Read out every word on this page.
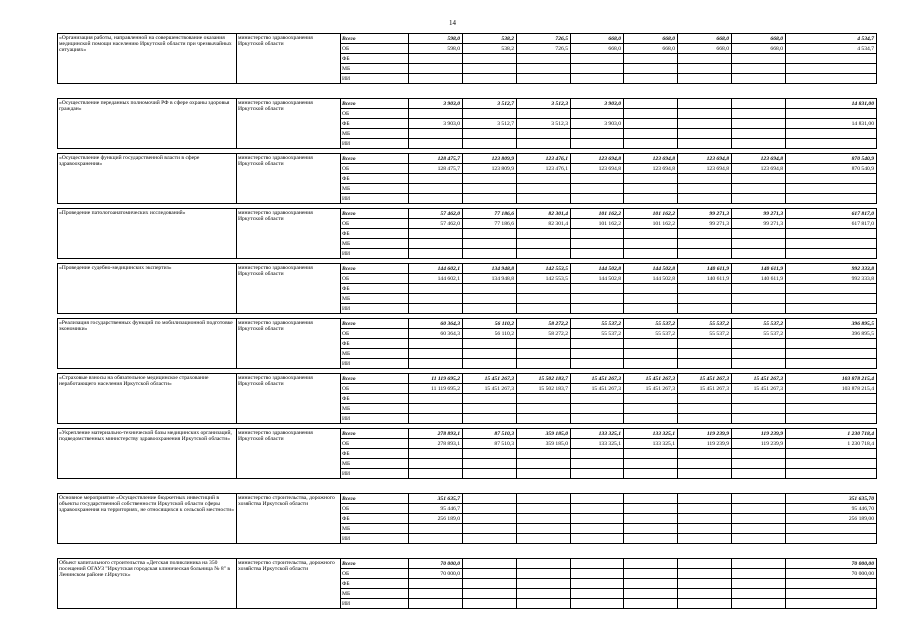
14
«Организация работы, направленной на совершенствование оказания медицинской помощи населению Иркутской области при чрезвычайных ситуациях»	министерство здравоохранения Иркутской области	Всего	598,0	538,2	726,5	668,0	668,0	668,0	668,0	4 534,7
		ОБ	598,0	538,2	726,5	668,0	668,0	668,0	668,0	4 534,7
		ФБ								
		МБ								
		ИИ								

«Осуществление переданных полномочий РФ в сфере охраны здоровья граждан»	министерство здравоохранения Иркутской области	Всего	3 903,0	3 512,7	3 512,3	3 903,0				14 831,00
		ОБ								
		ФБ	3 903,0	3 512,7	3 512,3	3 903,0				14 831,00
		МБ								
		ИИ								

«Осуществление функций государственной власти в сфере здравоохранения»	министерство здравоохранения Иркутской области	Всего	128 475,7	123 809,9	123 476,1	123 694,8	123 694,8	123 694,8	123 694,8	870 540,9
		ОБ	128 475,7	123 809,9	123 476,1	123 694,8	123 694,8	123 694,8	123 694,8	870 540,9
		ФБ								
		МБ								
		ИИ								

«Проведение патологоанатомических исследований»	министерство здравоохранения Иркутской области	Всего	57 462,0	77 186,6	82 301,4	101 162,2	101 162,2	99 271,3	99 271,3	617 817,0
		ОБ	57 462,0	77 186,6	82 301,4	101 162,2	101 162,2	99 271,3	99 271,3	617 817,0
		ФБ								
		МБ								
		ИИ								

«Проведение судебно-медицинских экспертиз»	министерство здравоохранения Иркутской области	Всего	144 602,1	134 948,8	142 553,5	144 502,8	144 502,8	140 611,9	140 611,9	992 333,8
		ОБ	144 602,1	134 948,8	142 553,5	144 502,8	144 502,8	140 611,9	140 611,9	992 333,8
		ФБ								
		МБ								
		ИИ								

«Реализация государственных функций по мобилизационной подготовке экономики»	министерство здравоохранения Иркутской области	Всего	60 364,3	56 110,2	58 272,2	55 537,2	55 537,2	55 537,2	55 537,2	396 895,5
		ОБ	60 364,3	56 110,2	58 272,2	55 537,2	55 537,2	55 537,2	55 537,2	396 895,5
		ФБ								
		МБ								
		ИИ								

«Страховые взносы на обязательное медицинское страхование неработающего населения Иркутской области»	министерство здравоохранения Иркутской области	Всего	11 119 695,2	15 451 267,3	15 502 183,7	15 451 267,3	15 451 267,3	15 451 267,3	15 451 267,3	103 878 215,4
		ОБ	11 119 695,2	15 451 267,3	15 502 183,7	15 451 267,3	15 451 267,3	15 451 267,3	15 451 267,3	103 878 215,4
		ФБ								
		МБ								
		ИИ								

«Укрепление материально-технической базы медицинских организаций, подведомственных министерству здравоохранения Иркутской области»	министерство здравоохранения Иркутской области	Всего	278 893,1	87 510,3	359 185,0	133 325,1	133 325,1	119 239,9	119 239,9	1 230 718,4
		ОБ	278 893,1	87 510,3	359 185,0	133 325,1	133 325,1	119 239,9	119 239,9	1 230 718,4
		ФБ								
		МБ								
		ИИ								

Основное мероприятие «Осуществление бюджетных инвестиций в объекты государственной собственности Иркутской области сферы здравоохранения на территориях, не относящихся к сельской местности»	министерство строительства, дорожного хозяйства Иркутской области	Всего	351 635,7							351 635,70
		ОБ	95 446,7							95 446,70
		ФБ	256 189,0							256 189,00
		МБ								
		ИИ								

Объект капитального строительства «Детская поликлиника на 350 посещений ОГАУЗ "Иркутская городская клиническая больница № 8" в Ленинском районе г.Иркутск»	министерство строительства, дорожного хозяйства Иркутской области	Всего	70 000,0							70 000,00
		ОБ	70 000,0							70 000,00
		ФБ								
		МБ								
		ИИ								
